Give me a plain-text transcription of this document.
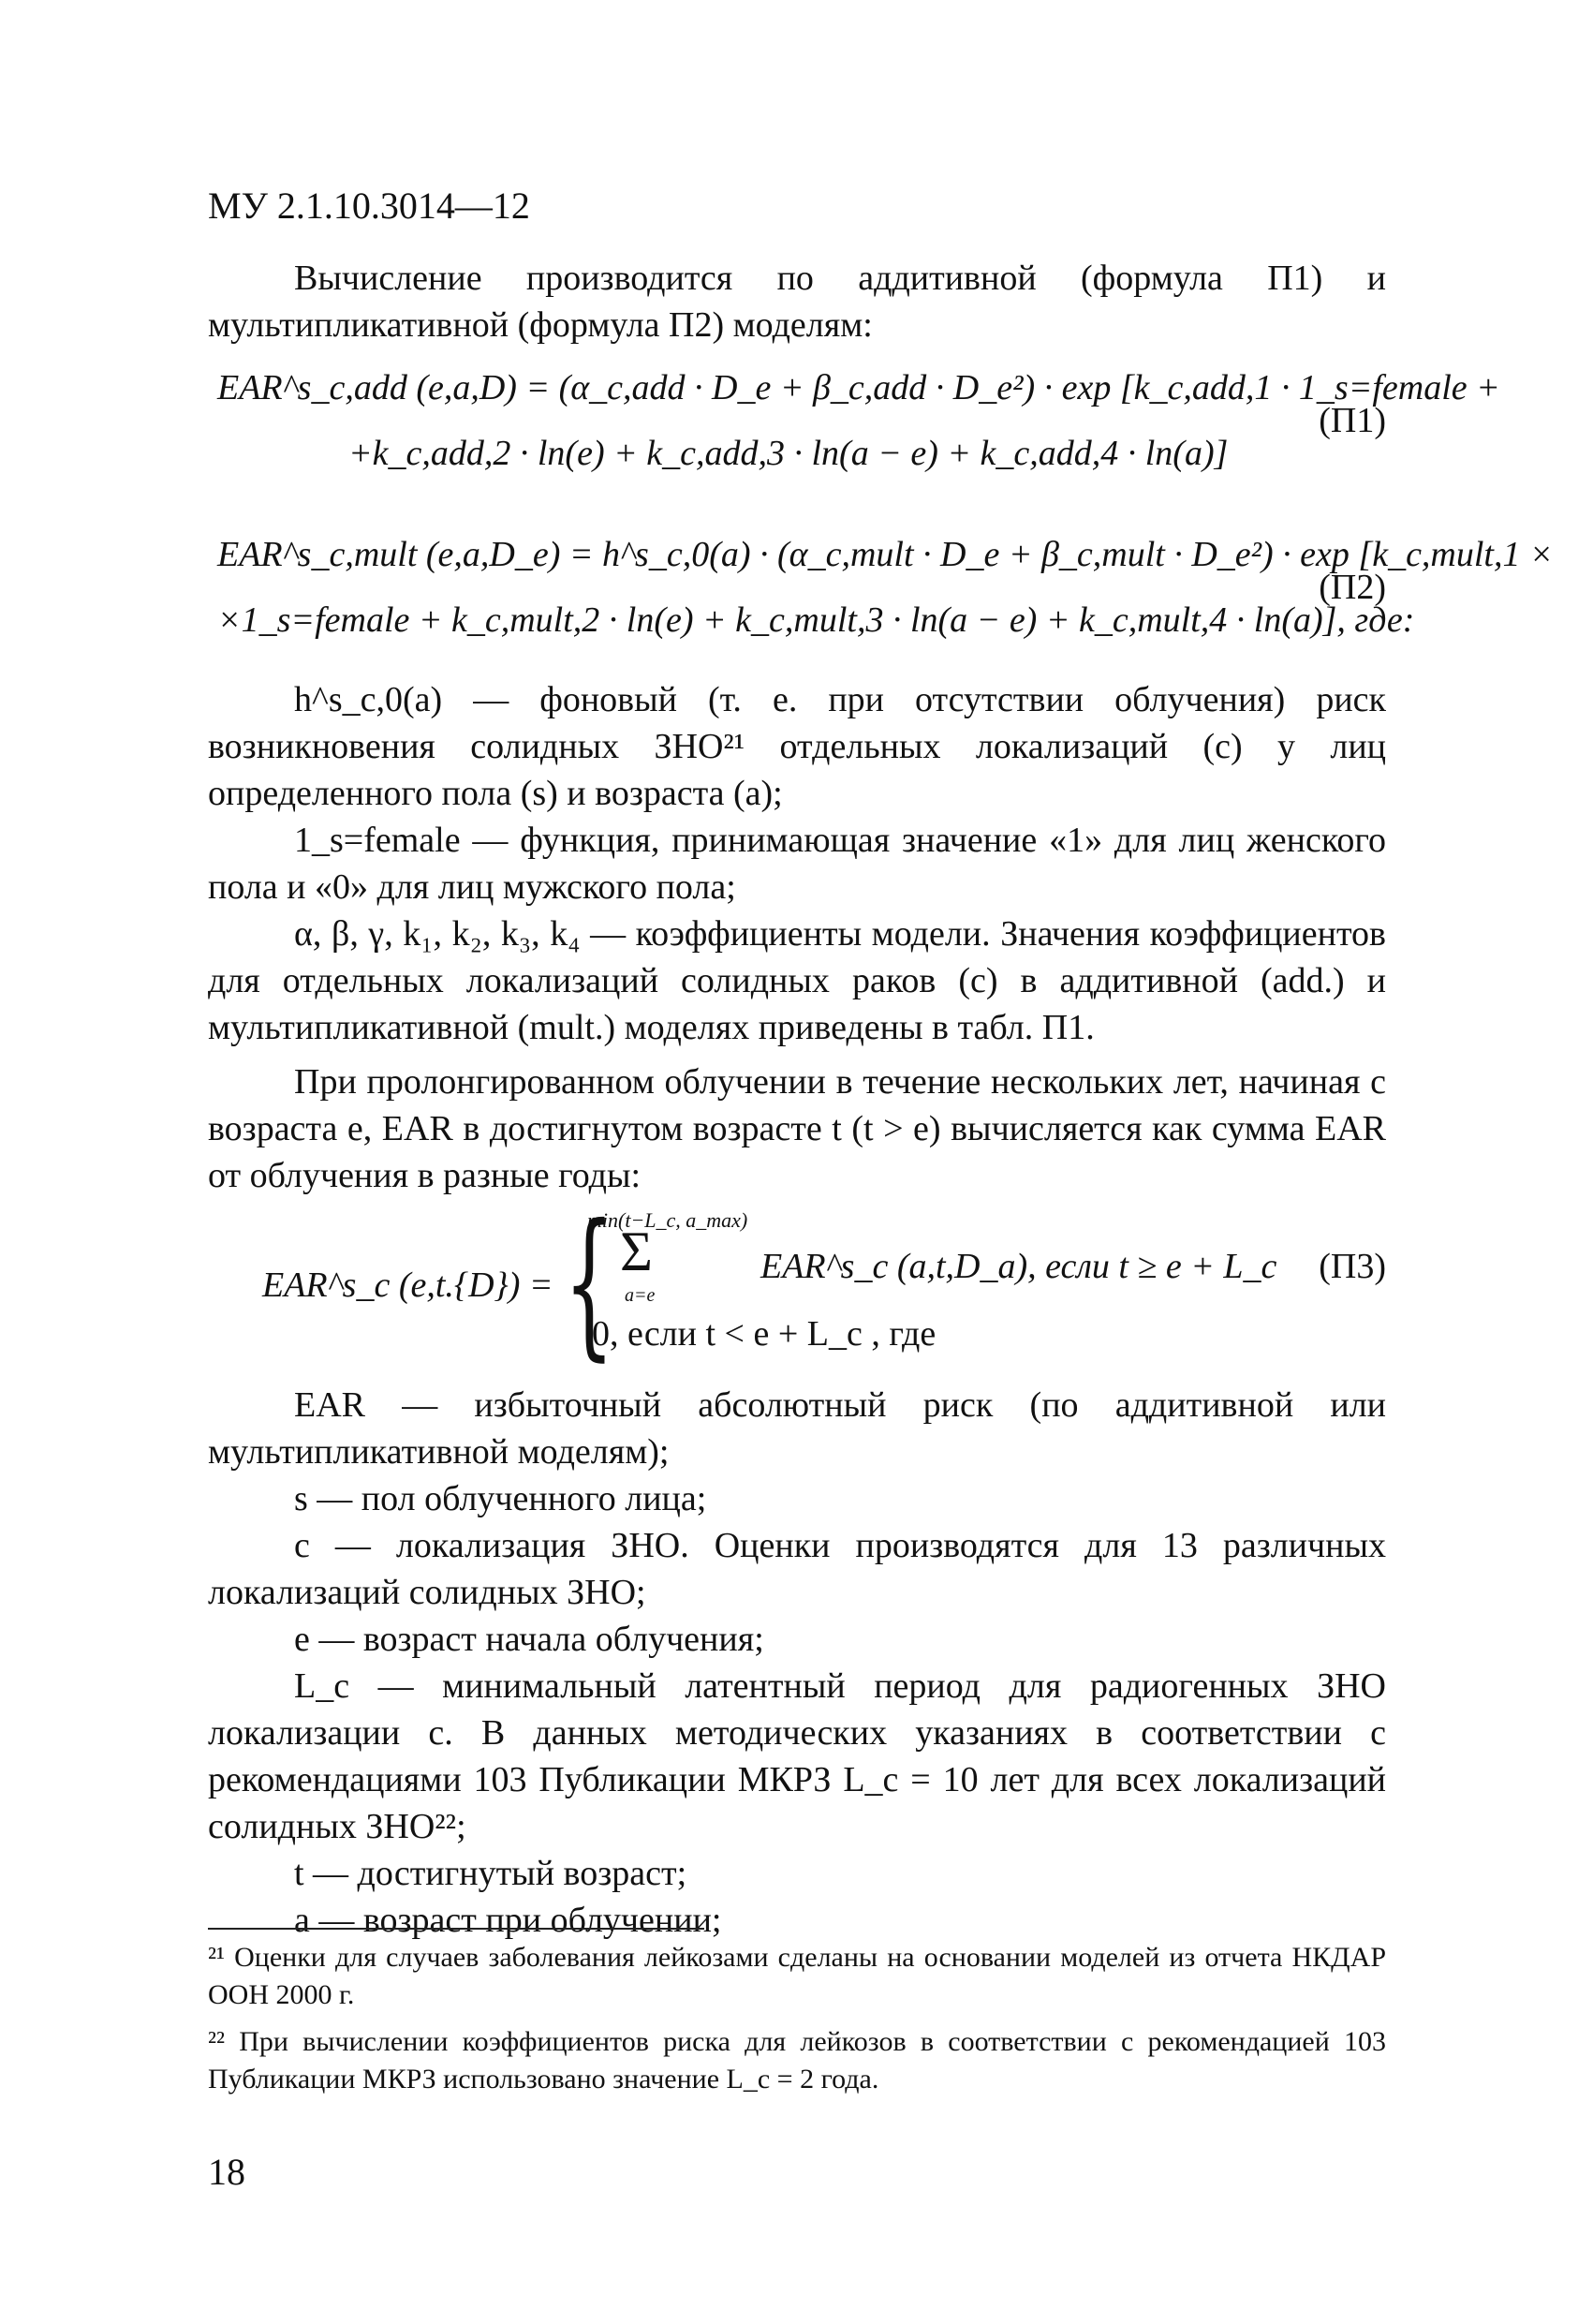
МУ 2.1.10.3014—12
Вычисление производится по аддитивной (формула П1) и мультипликативной (формула П2) моделям:
EAR^s_c,add (e,a,D) = (α_c,add · D_e + β_c,add · D_e²) · exp [k_c,add,1 · 1_s=female +
+k_c,add,2 · ln(e) + k_c,add,3 · ln(a − e) + k_c,add,4 · ln(a)]
(П1)
EAR^s_c,mult (e,a,D_e) = h^s_c,0(a) · (α_c,mult · D_e + β_c,mult · D_e²) · exp [k_c,mult,1 ×
×1_s=female + k_c,mult,2 · ln(e) + k_c,mult,3 · ln(a − e) + k_c,mult,4 · ln(a)], где:
(П2)
h^s_c,0(a) — фоновый (т. е. при отсутствии облучения) риск возникновения солидных ЗНО²¹ отдельных локализаций (с) у лиц определенного пола (s) и возраста (а);
1_s=female — функция, принимающая значение «1» для лиц женского пола и «0» для лиц мужского пола;
α, β, γ, k₁, k₂, k₃, k₄ — коэффициенты модели. Значения коэффициентов для отдельных локализаций солидных раков (с) в аддитивной (add.) и мультипликативной (mult.) моделях приведены в табл. П1.
При пролонгированном облучении в течение нескольких лет, начиная с возраста е, EAR в достигнутом возрасте t (t > e) вычисляется как сумма EAR от облучения в разные годы:
EAR^s_c (e,t.{D}) = {
min(t−L_c, a_max)
Σ
a=e
EAR^s_c (a,t,D_a), если t ≥ e + L_c
0, если t < e + L_c , где
(П3)
EAR — избыточный абсолютный риск (по аддитивной или мультипликативной моделям);
s — пол облученного лица;
c — локализация ЗНО. Оценки производятся для 13 различных локализаций солидных ЗНО;
e — возраст начала облучения;
L_c — минимальный латентный период для радиогенных ЗНО локализации с. В данных методических указаниях в соответствии с рекомендациями 103 Публикации МКРЗ L_c = 10 лет для всех локализаций солидных ЗНО²²;
t — достигнутый возраст;
a — возраст при облучении;
²¹ Оценки для случаев заболевания лейкозами сделаны на основании моделей из отчета НКДАР ООН 2000 г.
²² При вычислении коэффициентов риска для лейкозов в соответствии с рекомендацией 103 Публикации МКРЗ использовано значение L_c = 2 года.
18
